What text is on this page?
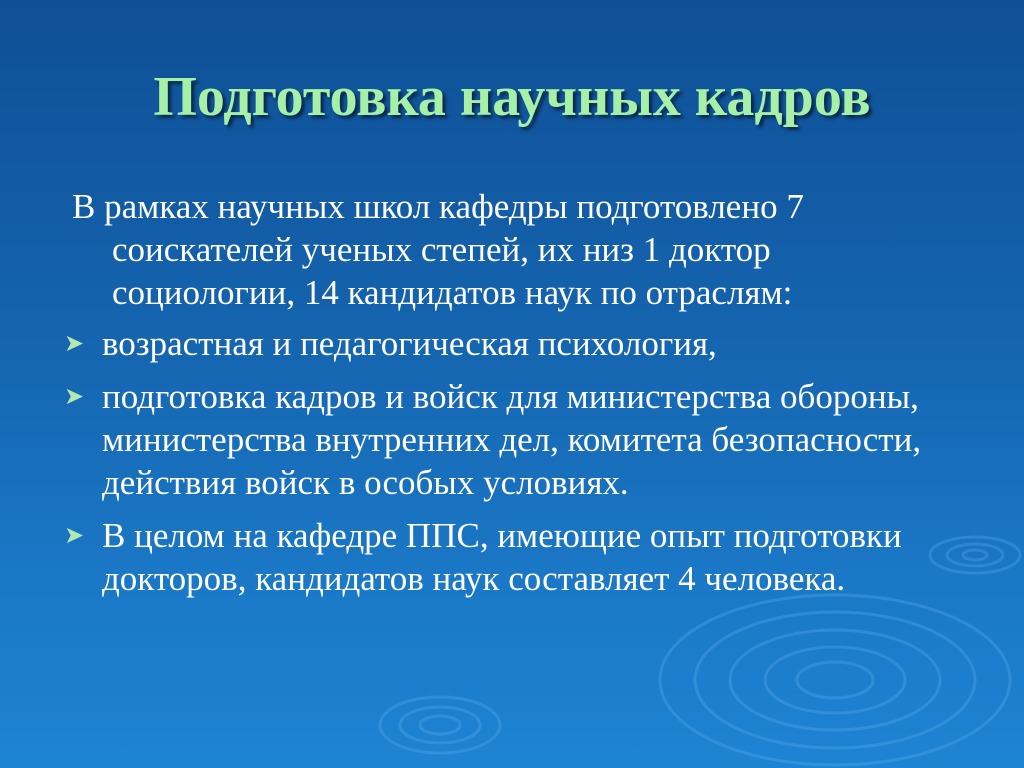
Подготовка научных кадров

В рамках научных школ кафедры подготовлено 7 соискателей ученых степей, их низ 1 доктор социологии, 14 кандидатов наук по отраслям:

➤ возрастная и педагогическая психология,
➤ подготовка кадров и войск для министерства обороны, министерства внутренних дел, комитета безопасности, действия войск в особых условиях.
➤ В целом на кафедре ППС, имеющие опыт подготовки докторов, кандидатов наук составляет 4 человека.
